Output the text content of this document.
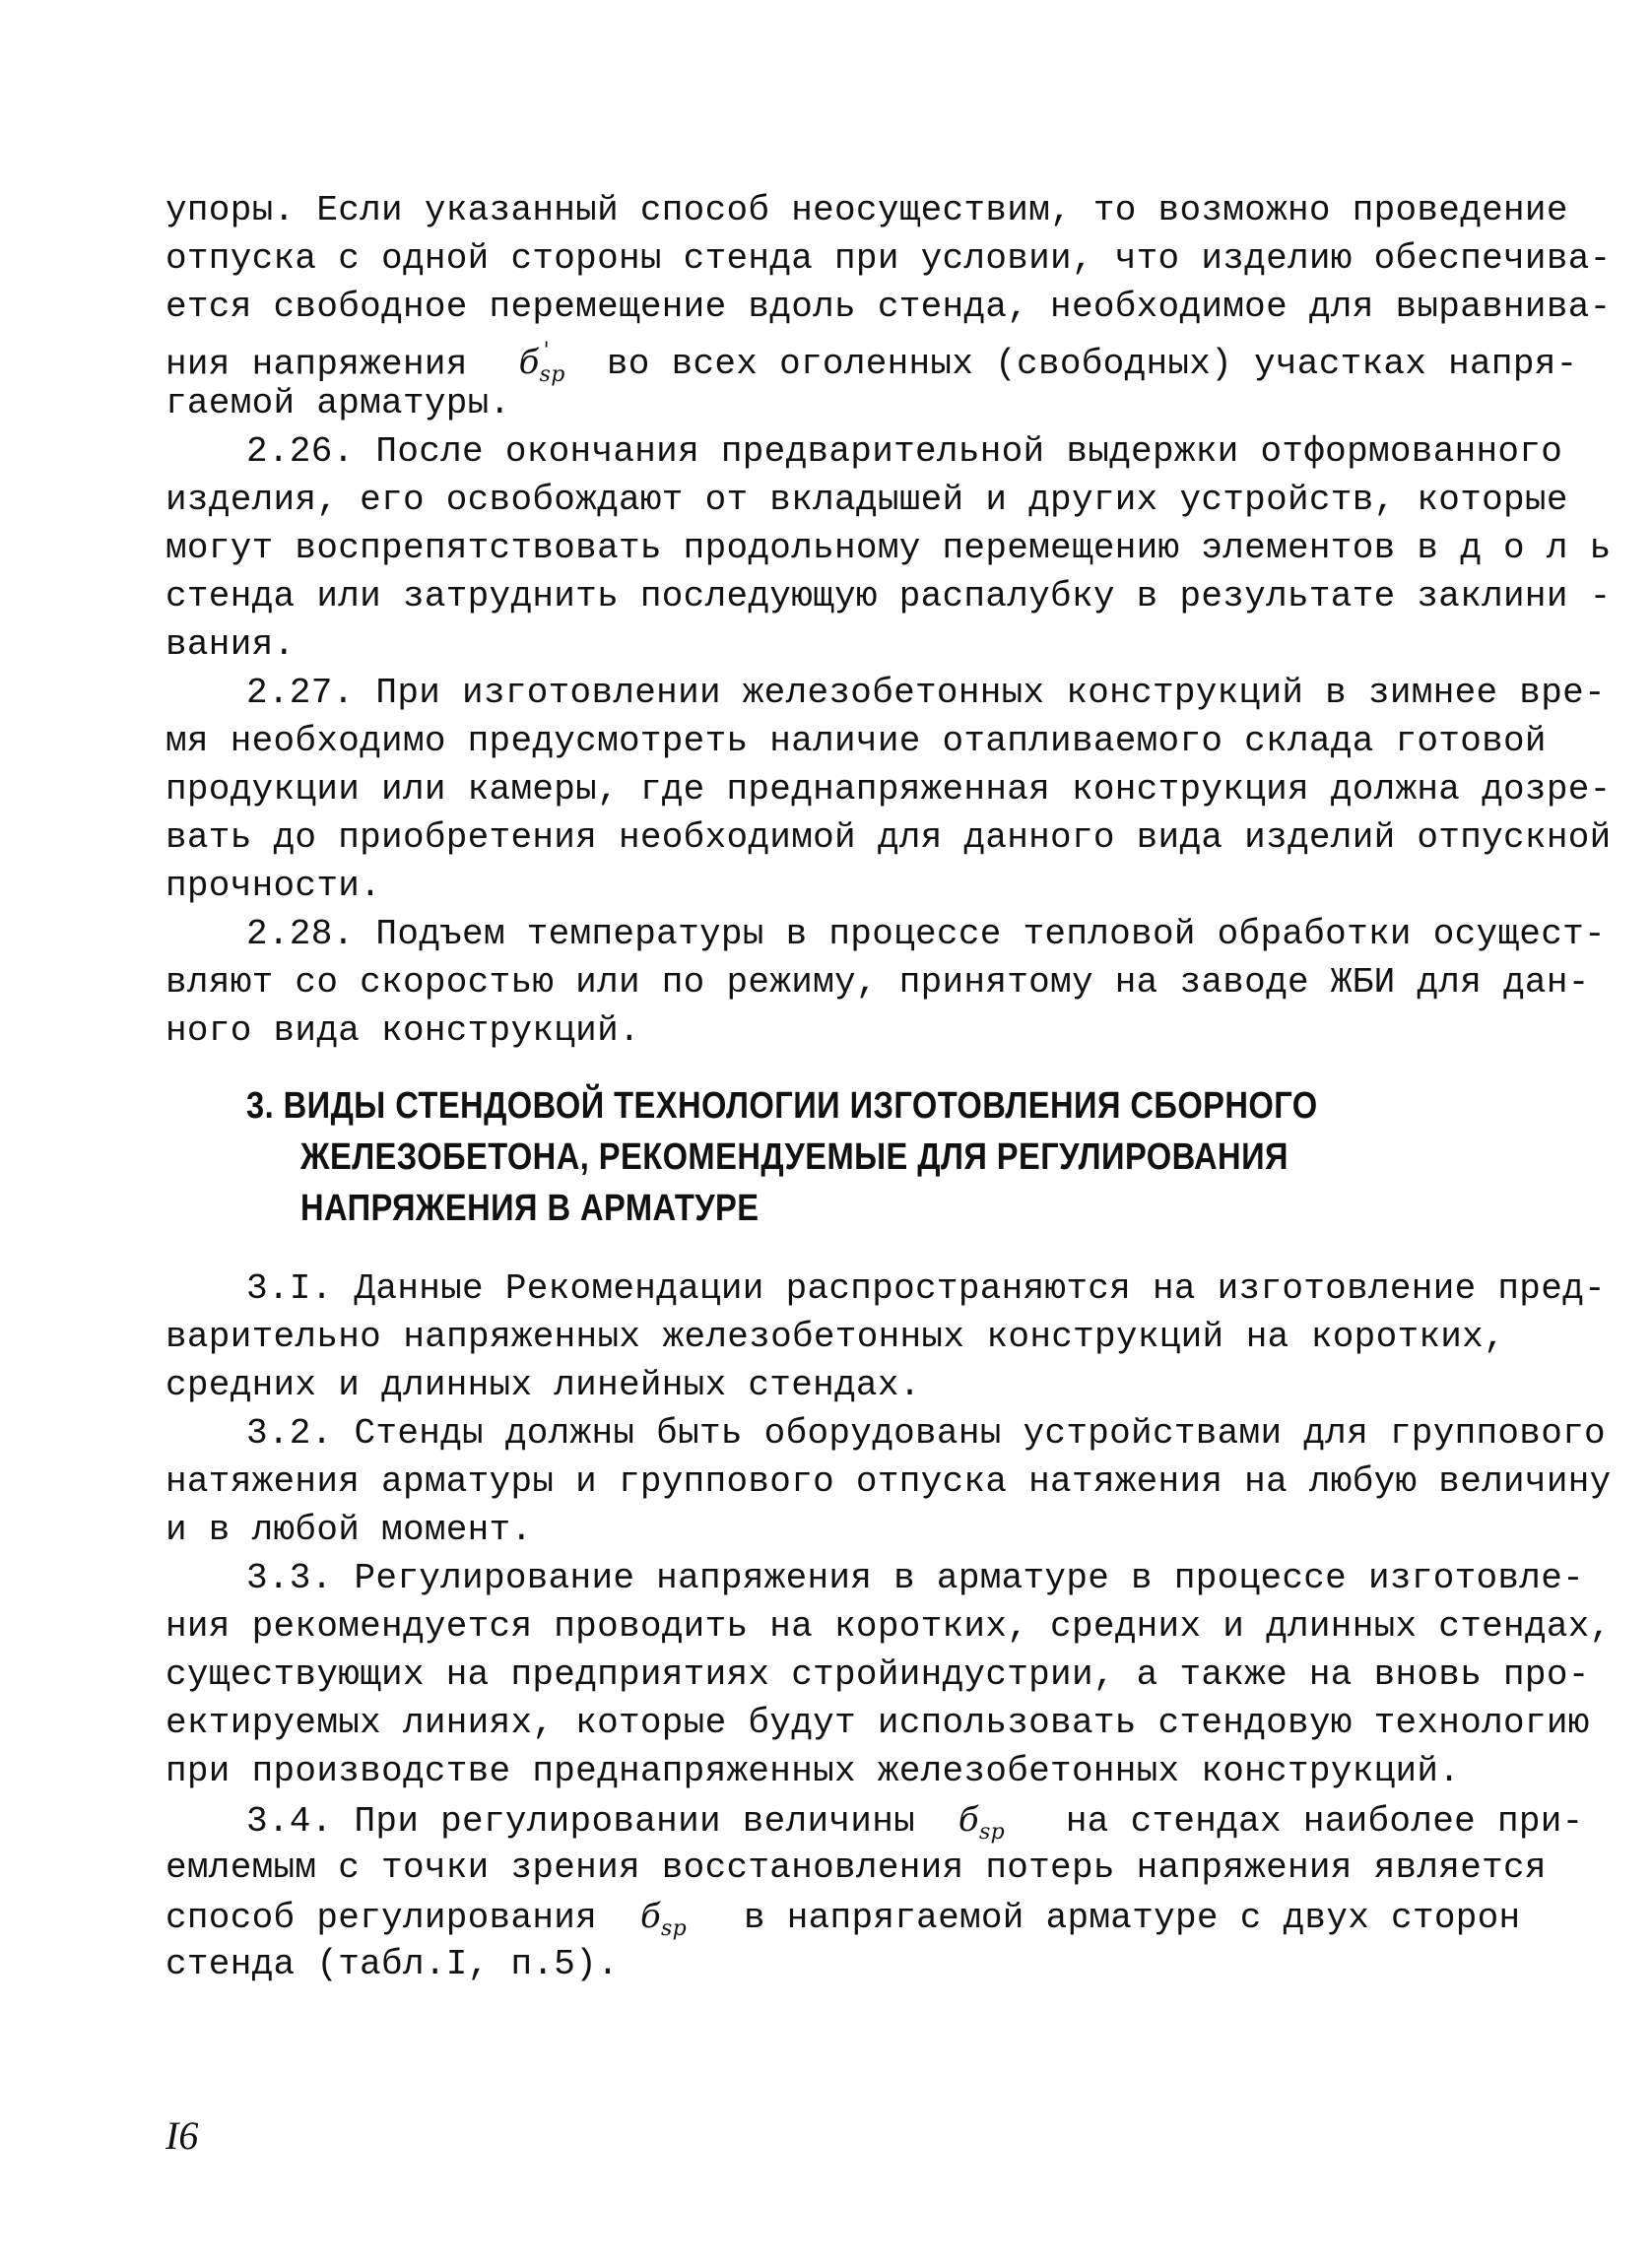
упоры. Если указанный способ неосуществим, то возможно проведение
отпуска с одной стороны стенда при условии, что изделию обеспечива-
ется свободное перемещение вдоль стенда, необходимое для выравнива-
ния напряжения $б_{sp}'$ во всех оголенных (свободных) участках напря-
гаемой арматуры.
2.26. После окончания предварительной выдержки отформованного
изделия, его освобождают от вкладышей и других устройств, которые
могут воспрепятствовать продольному перемещению элементов в д о л ь
стенда или затруднить последующую распалубку в результате заклини -
вания.
2.27. При изготовлении железобетонных конструкций в зимнее вре-
мя необходимо предусмотреть наличие отапливаемого склада готовой
продукции или камеры, где преднапряженная конструкция должна дозре-
вать до приобретения необходимой для данного вида изделий отпускной
прочности.
2.28. Подъем температуры в процессе тепловой обработки осущест-
вляют со скоростью или по режиму, принятому на заводе ЖБИ для дан-
ного вида конструкций.
3. ВИДЫ СТЕНДОВОЙ ТЕХНОЛОГИИ ИЗГОТОВЛЕНИЯ СБОРНОГО
ЖЕЛЕЗОБЕТОНА, РЕКОМЕНДУЕМЫЕ ДЛЯ РЕГУЛИРОВАНИЯ
НАПРЯЖЕНИЯ В АРМАТУРЕ
3.I. Данные Рекомендации распространяются на изготовление пред-
варительно напряженных железобетонных конструкций на коротких,
средних и длинных линейных стендах.
3.2. Стенды должны быть оборудованы устройствами для группового
натяжения арматуры и группового отпуска натяжения на любую величину
и в любой момент.
3.3. Регулирование напряжения в арматуре в процессе изготовле-
ния рекомендуется проводить на коротких, средних и длинных стендах,
существующих на предприятиях стройиндустрии, а также на вновь про-
ектируемых линиях, которые будут использовать стендовую технологию
при производстве преднапряженных железобетонных конструкций.
3.4. При регулировании величины $б_{sp}$ на стендах наиболее при-
емлемым с точки зрения восстановления потерь напряжения является
способ регулирования $б_{sp}$ в напрягаемой арматуре с двух сторон
стенда (табл.I, п.5).
I6
